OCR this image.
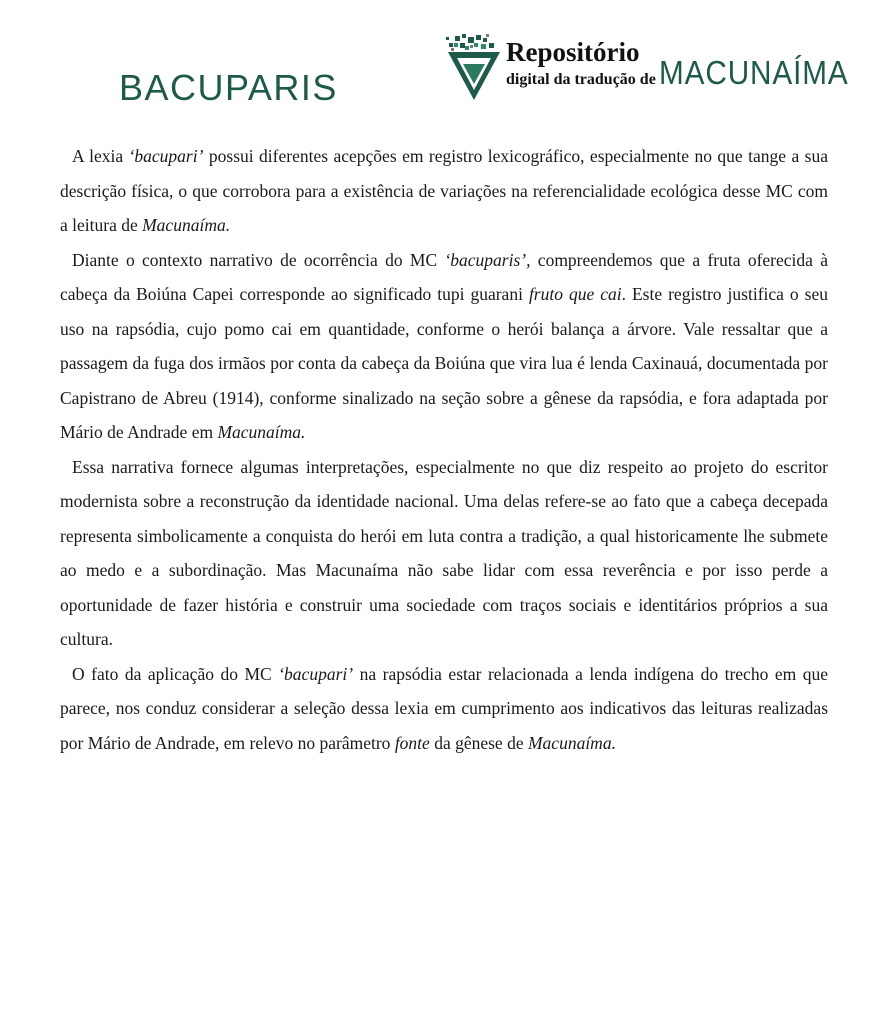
BACUPARIS
Repositório
digital da tradução de MACUNAÍMA

A lexia ‘bacupari’ possui diferentes acepções em registro lexicográfico, especialmente no que tange a sua descrição física, o que corrobora para a existência de variações na referencialidade ecológica desse MC com a leitura de Macunaíma.

Diante o contexto narrativo de ocorrência do MC ‘bacuparis’, compreendemos que a fruta oferecida à cabeça da Boiúna Capei corresponde ao significado tupi guarani fruto que cai. Este registro justifica o seu uso na rapsódia, cujo pomo cai em quantidade, conforme o herói balança a árvore. Vale ressaltar que a passagem da fuga dos irmãos por conta da cabeça da Boiúna que vira lua é lenda Caxinauá, documentada por Capistrano de Abreu (1914), conforme sinalizado na seção sobre a gênese da rapsódia, e fora adaptada por Mário de Andrade em Macunaíma.

Essa narrativa fornece algumas interpretações, especialmente no que diz respeito ao projeto do escritor modernista sobre a reconstrução da identidade nacional. Uma delas refere-se ao fato que a cabeça decepada representa simbolicamente a conquista do herói em luta contra a tradição, a qual historicamente lhe submete ao medo e a subordinação. Mas Macunaíma não sabe lidar com essa reverência e por isso perde a oportunidade de fazer história e construir uma sociedade com traços sociais e identitários próprios a sua cultura.

O fato da aplicação do MC ‘bacupari’ na rapsódia estar relacionada a lenda indígena do trecho em que parece, nos conduz considerar a seleção dessa lexia em cumprimento aos indicativos das leituras realizadas por Mário de Andrade, em relevo no parâmetro fonte da gênese de Macunaíma.
